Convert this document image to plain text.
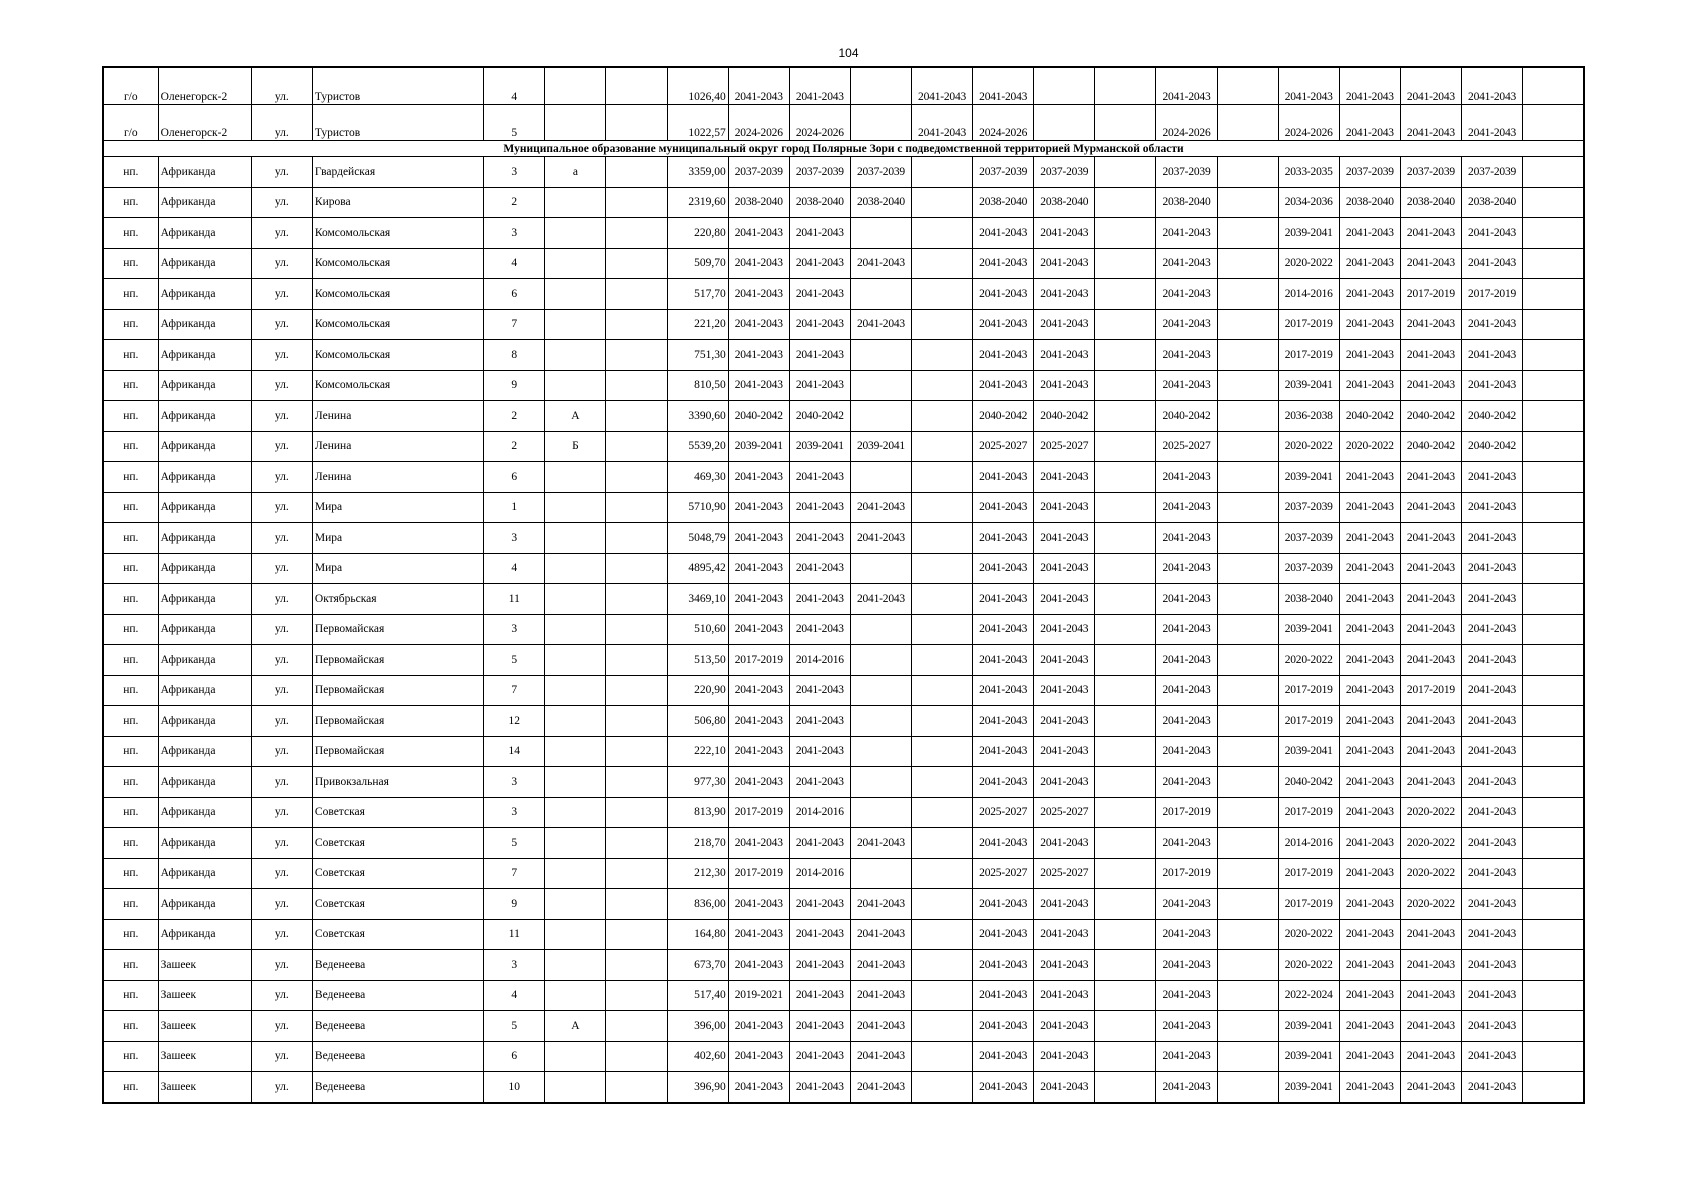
104
г/о	Оленегорск-2	ул.	Туристов	4			1026,40	2041-2043	2041-2043		2041-2043	2041-2043			2041-2043		2041-2043	2041-2043	2041-2043	2041-2043	
г/о	Оленегорск-2	ул.	Туристов	5			1022,57	2024-2026	2024-2026		2041-2043	2024-2026			2024-2026		2024-2026	2041-2043	2041-2043	2041-2043	
Муниципальное образование муниципальный округ город Полярные Зори с подведомственной территорией Мурманской области																					
нп.	Африканда	ул.	Гвардейская	3	а		3359,00	2037-2039	2037-2039	2037-2039		2037-2039	2037-2039		2037-2039		2033-2035	2037-2039	2037-2039	2037-2039	
нп.	Африканда	ул.	Кирова	2			2319,60	2038-2040	2038-2040	2038-2040		2038-2040	2038-2040		2038-2040		2034-2036	2038-2040	2038-2040	2038-2040	
нп.	Африканда	ул.	Комсомольская	3			220,80	2041-2043	2041-2043			2041-2043	2041-2043		2041-2043		2039-2041	2041-2043	2041-2043	2041-2043	
нп.	Африканда	ул.	Комсомольская	4			509,70	2041-2043	2041-2043	2041-2043		2041-2043	2041-2043		2041-2043		2020-2022	2041-2043	2041-2043	2041-2043	
нп.	Африканда	ул.	Комсомольская	6			517,70	2041-2043	2041-2043			2041-2043	2041-2043		2041-2043		2014-2016	2041-2043	2017-2019	2017-2019	
нп.	Африканда	ул.	Комсомольская	7			221,20	2041-2043	2041-2043	2041-2043		2041-2043	2041-2043		2041-2043		2017-2019	2041-2043	2041-2043	2041-2043	
нп.	Африканда	ул.	Комсомольская	8			751,30	2041-2043	2041-2043			2041-2043	2041-2043		2041-2043		2017-2019	2041-2043	2041-2043	2041-2043	
нп.	Африканда	ул.	Комсомольская	9			810,50	2041-2043	2041-2043			2041-2043	2041-2043		2041-2043		2039-2041	2041-2043	2041-2043	2041-2043	
нп.	Африканда	ул.	Ленина	2	А		3390,60	2040-2042	2040-2042			2040-2042	2040-2042		2040-2042		2036-2038	2040-2042	2040-2042	2040-2042	
нп.	Африканда	ул.	Ленина	2	Б		5539,20	2039-2041	2039-2041	2039-2041		2025-2027	2025-2027		2025-2027		2020-2022	2020-2022	2040-2042	2040-2042	
нп.	Африканда	ул.	Ленина	6			469,30	2041-2043	2041-2043			2041-2043	2041-2043		2041-2043		2039-2041	2041-2043	2041-2043	2041-2043	
нп.	Африканда	ул.	Мира	1			5710,90	2041-2043	2041-2043	2041-2043		2041-2043	2041-2043		2041-2043		2037-2039	2041-2043	2041-2043	2041-2043	
нп.	Африканда	ул.	Мира	3			5048,79	2041-2043	2041-2043	2041-2043		2041-2043	2041-2043		2041-2043		2037-2039	2041-2043	2041-2043	2041-2043	
нп.	Африканда	ул.	Мира	4			4895,42	2041-2043	2041-2043			2041-2043	2041-2043		2041-2043		2037-2039	2041-2043	2041-2043	2041-2043	
нп.	Африканда	ул.	Октябрьская	11			3469,10	2041-2043	2041-2043	2041-2043		2041-2043	2041-2043		2041-2043		2038-2040	2041-2043	2041-2043	2041-2043	
нп.	Африканда	ул.	Первомайская	3			510,60	2041-2043	2041-2043			2041-2043	2041-2043		2041-2043		2039-2041	2041-2043	2041-2043	2041-2043	
нп.	Африканда	ул.	Первомайская	5			513,50	2017-2019	2014-2016			2041-2043	2041-2043		2041-2043		2020-2022	2041-2043	2041-2043	2041-2043	
нп.	Африканда	ул.	Первомайская	7			220,90	2041-2043	2041-2043			2041-2043	2041-2043		2041-2043		2017-2019	2041-2043	2017-2019	2041-2043	
нп.	Африканда	ул.	Первомайская	12			506,80	2041-2043	2041-2043			2041-2043	2041-2043		2041-2043		2017-2019	2041-2043	2041-2043	2041-2043	
нп.	Африканда	ул.	Первомайская	14			222,10	2041-2043	2041-2043			2041-2043	2041-2043		2041-2043		2039-2041	2041-2043	2041-2043	2041-2043	
нп.	Африканда	ул.	Привокзальная	3			977,30	2041-2043	2041-2043			2041-2043	2041-2043		2041-2043		2040-2042	2041-2043	2041-2043	2041-2043	
нп.	Африканда	ул.	Советская	3			813,90	2017-2019	2014-2016			2025-2027	2025-2027		2017-2019		2017-2019	2041-2043	2020-2022	2041-2043	
нп.	Африканда	ул.	Советская	5			218,70	2041-2043	2041-2043	2041-2043		2041-2043	2041-2043		2041-2043		2014-2016	2041-2043	2020-2022	2041-2043	
нп.	Африканда	ул.	Советская	7			212,30	2017-2019	2014-2016			2025-2027	2025-2027		2017-2019		2017-2019	2041-2043	2020-2022	2041-2043	
нп.	Африканда	ул.	Советская	9			836,00	2041-2043	2041-2043	2041-2043		2041-2043	2041-2043		2041-2043		2017-2019	2041-2043	2020-2022	2041-2043	
нп.	Африканда	ул.	Советская	11			164,80	2041-2043	2041-2043	2041-2043		2041-2043	2041-2043		2041-2043		2020-2022	2041-2043	2041-2043	2041-2043	
нп.	Зашеек	ул.	Веденеева	3			673,70	2041-2043	2041-2043	2041-2043		2041-2043	2041-2043		2041-2043		2020-2022	2041-2043	2041-2043	2041-2043	
нп.	Зашеек	ул.	Веденеева	4			517,40	2019-2021	2041-2043	2041-2043		2041-2043	2041-2043		2041-2043		2022-2024	2041-2043	2041-2043	2041-2043	
нп.	Зашеек	ул.	Веденеева	5	А		396,00	2041-2043	2041-2043	2041-2043		2041-2043	2041-2043		2041-2043		2039-2041	2041-2043	2041-2043	2041-2043	
нп.	Зашеек	ул.	Веденеева	6			402,60	2041-2043	2041-2043	2041-2043		2041-2043	2041-2043		2041-2043		2039-2041	2041-2043	2041-2043	2041-2043	
нп.	Зашеек	ул.	Веденеева	10			396,90	2041-2043	2041-2043	2041-2043		2041-2043	2041-2043		2041-2043		2039-2041	2041-2043	2041-2043	2041-2043	
